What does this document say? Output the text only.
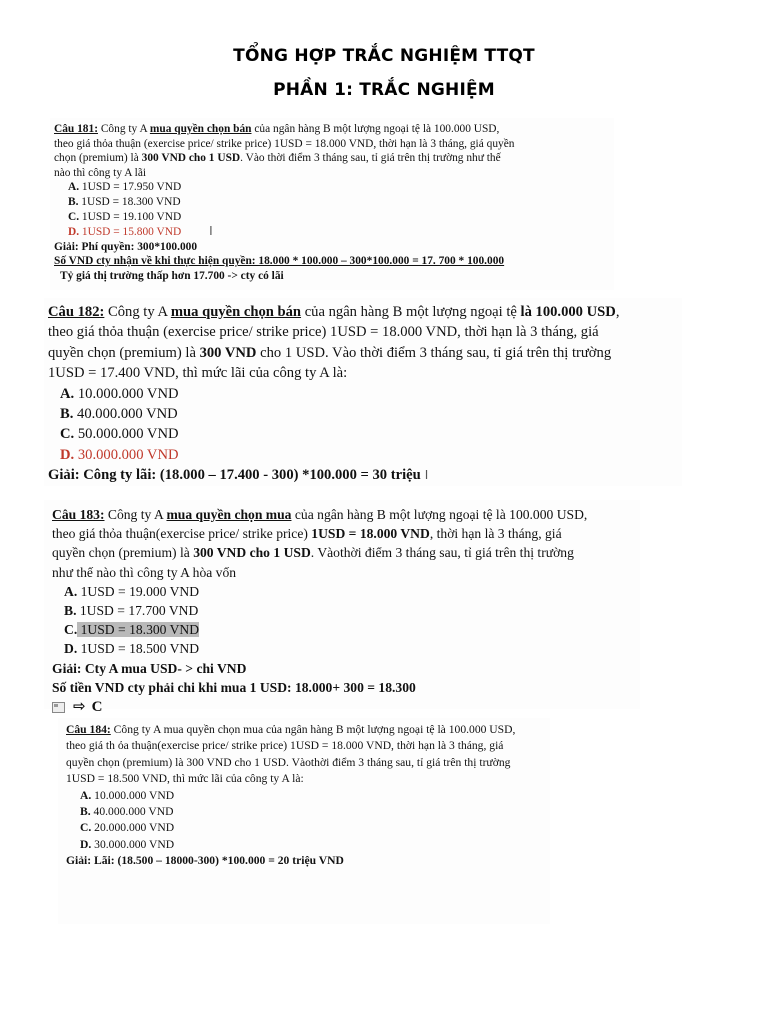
TỔNG HỢP TRẮC NGHIỆM TTQT
PHẦN 1: TRẮC NGHIỆM

Câu 181: Công ty A mua quyền chọn bán của ngân hàng B một lượng ngoại tệ là 100.000 USD,

theo giá thỏa thuận (exercise price/ strike price) 1USD = 18.000 VND, thời hạn là 3 tháng, giá quyền

chọn (premium) là 300 VND cho 1 USD. Vào thời điểm 3 tháng sau, tỉ giá trên thị trường như thế

nào thì công ty A lãi

A. 1USD = 17.950 VND

B. 1USD = 18.300 VND

C. 1USD = 19.100 VND

D. 1USD = 15.800 VND I

Giải: Phí quyền: 300*100.000

Số VND cty nhận về khi thực hiện quyền: 18.000 * 100.000 – 300*100.000 = 17. 700 * 100.000

Tỷ giá thị trường thấp hơn 17.700 -> cty có lãi

Câu 182: Công ty A mua quyền chọn bán của ngân hàng B một lượng ngoại tệ là 100.000 USD,

theo giá thỏa thuận (exercise price/ strike price) 1USD = 18.000 VND, thời hạn là 3 tháng, giá

quyền chọn (premium) là 300 VND cho 1 USD. Vào thời điểm 3 tháng sau, tỉ giá trên thị trường

1USD = 17.400 VND, thì mức lãi của công ty A là:

A. 10.000.000 VND

B. 40.000.000 VND

C. 50.000.000 VND

D. 30.000.000 VND

Giải: Công ty lãi: (18.000 – 17.400 - 300) *100.000 = 30 triệu I

Câu 183: Công ty A mua quyền chọn mua của ngân hàng B một lượng ngoại tệ là 100.000 USD,

theo giá thỏa thuận(exercise price/ strike price) 1USD = 18.000 VND, thời hạn là 3 tháng, giá

quyền chọn (premium) là 300 VND cho 1 USD. Vàothời điểm 3 tháng sau, tỉ giá trên thị trường

như thế nào thì công ty A hòa vốn

A. 1USD = 19.000 VND

B. 1USD = 17.700 VND

C. 1USD = 18.300 VND

D. 1USD = 18.500 VND

Giải: Cty A mua USD- > chi VND

Số tiền VND cty phải chi khi mua 1 USD: 18.000+ 300 = 18.300

⇨ C

Câu 184: Công ty A mua quyền chọn mua của ngân hàng B một lượng ngoại tệ là 100.000 USD,

theo giá th ỏa thuận(exercise price/ strike price) 1USD = 18.000 VND, thời hạn là 3 tháng, giá

quyền chọn (premium) là 300 VND cho 1 USD. Vàothời điểm 3 tháng sau, tỉ giá trên thị trường

1USD = 18.500 VND, thì mức lãi của công ty A là:

A. 10.000.000 VND

B. 40.000.000 VND

C. 20.000.000 VND

D. 30.000.000 VND

Giải: Lãi: (18.500 – 18000-300) *100.000 = 20 triệu VND
